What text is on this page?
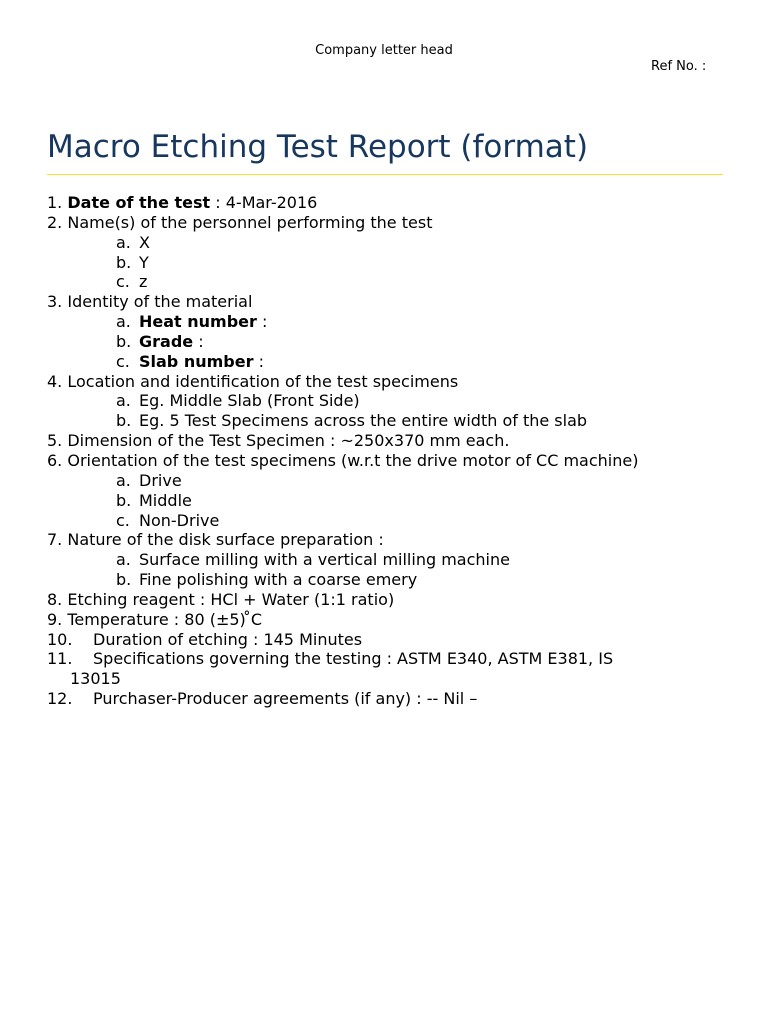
Company letter head
Ref No. :
Macro Etching Test Report (format)
1. Date of the test : 4-Mar-2016
2. Name(s) of the personnel performing the test
a. X
b. Y
c. z
3. Identity of the material
a. Heat number :
b. Grade :
c. Slab number :
4. Location and identification of the test specimens
a. Eg. Middle Slab (Front Side)
b. Eg. 5 Test Specimens across the entire width of the slab
5. Dimension of the Test Specimen : ~250x370 mm each.
6. Orientation of the test specimens (w.r.t the drive motor of CC machine)
a. Drive
b. Middle
c. Non-Drive
7. Nature of the disk surface preparation :
a. Surface milling with a vertical milling machine
b. Fine polishing with a coarse emery
8. Etching reagent : HCl + Water (1:1 ratio)
9. Temperature : 80 (±5) ̊C
10. Duration of etching : 145 Minutes
11. Specifications governing the testing : ASTM E340, ASTM E381, IS
13015
12. Purchaser-Producer agreements (if any) : -- Nil –
